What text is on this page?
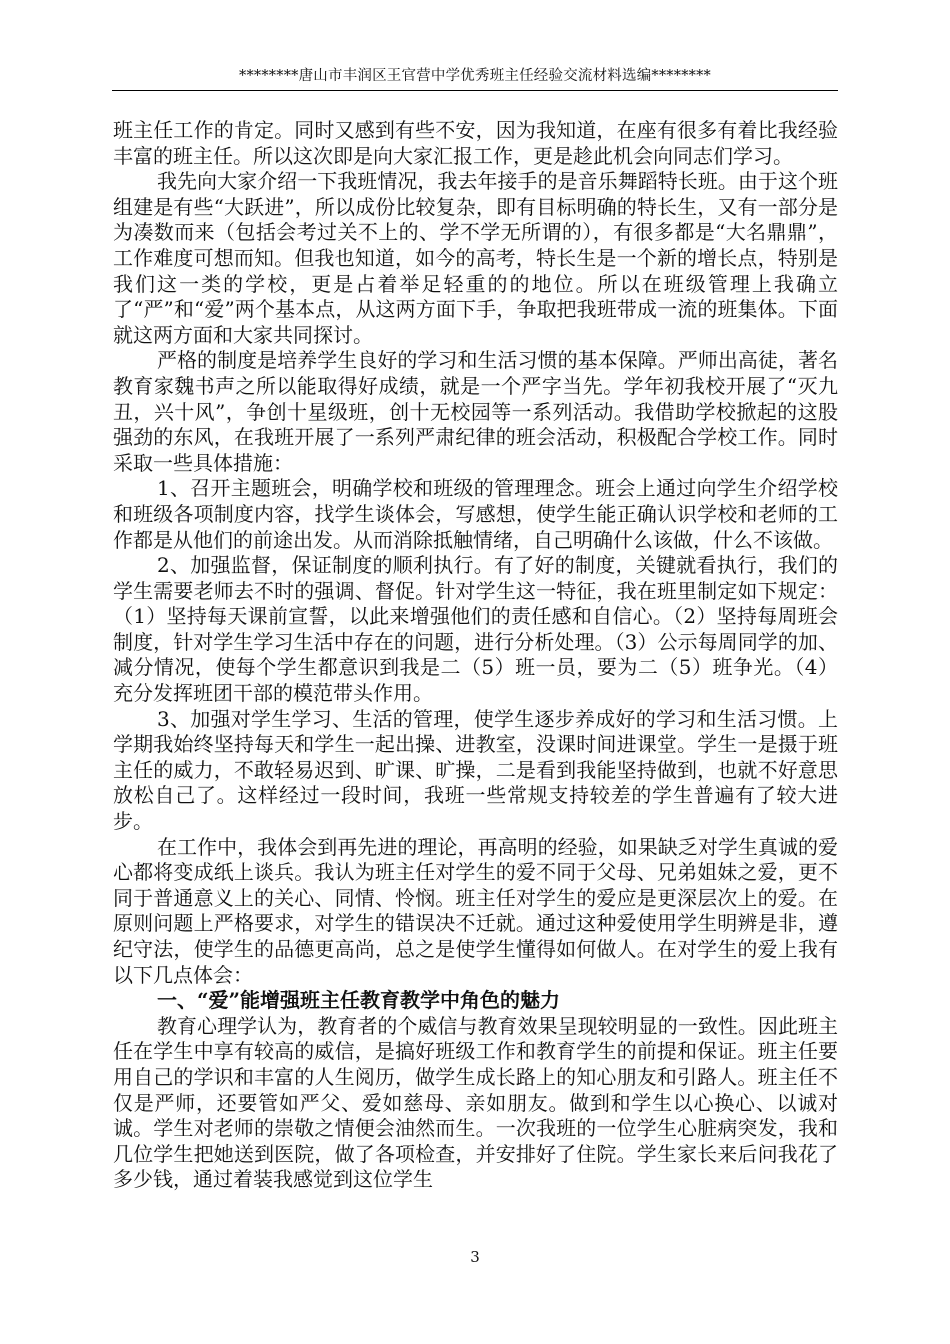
********唐山市丰润区王官营中学优秀班主任经验交流材料选编********

班主任工作的肯定。同时又感到有些不安，因为我知道，在座有很多有着比我经验丰富的班主任。所以这次即是向大家汇报工作，更是趁此机会向同志们学习。

我先向大家介绍一下我班情况，我去年接手的是音乐舞蹈特长班。由于这个班组建是有些“大跃进”，所以成份比较复杂，即有目标明确的特长生，又有一部分是为凑数而来（包括会考过关不上的、学不学无所谓的），有很多都是“大名鼎鼎”，工作难度可想而知。但我也知道，如今的高考，特长生是一个新的增长点，特别是我们这一类的学校，更是占着举足轻重的的地位。所以在班级管理上我确立了“严”和“爱”两个基本点，从这两方面下手，争取把我班带成一流的班集体。下面就这两方面和大家共同探讨。

严格的制度是培养学生良好的学习和生活习惯的基本保障。严师出高徒，著名教育家魏书声之所以能取得好成绩，就是一个严字当先。学年初我校开展了“灭九丑，兴十风”，争创十星级班，创十无校园等一系列活动。我借助学校掀起的这股强劲的东风，在我班开展了一系列严肃纪律的班会活动，积极配合学校工作。同时采取一些具体措施：

1、召开主题班会，明确学校和班级的管理理念。班会上通过向学生介绍学校和班级各项制度内容，找学生谈体会，写感想，使学生能正确认识学校和老师的工作都是从他们的前途出发。从而消除抵触情绪，自己明确什么该做，什么不该做。

2、加强监督，保证制度的顺利执行。有了好的制度，关键就看执行，我们的学生需要老师去不时的强调、督促。针对学生这一特征，我在班里制定如下规定：（1）坚持每天课前宣誓，以此来增强他们的责任感和自信心。（2）坚持每周班会制度，针对学生学习生活中存在的问题，进行分析处理。（3）公示每周同学的加、减分情况，使每个学生都意识到我是二（5）班一员，要为二（5）班争光。（4）充分发挥班团干部的模范带头作用。

3、加强对学生学习、生活的管理，使学生逐步养成好的学习和生活习惯。上学期我始终坚持每天和学生一起出操、进教室，没课时间进课堂。学生一是摄于班主任的威力，不敢轻易迟到、旷课、旷操，二是看到我能坚持做到，也就不好意思放松自己了。这样经过一段时间，我班一些常规支持较差的学生普遍有了较大进步。

在工作中，我体会到再先进的理论，再高明的经验，如果缺乏对学生真诚的爱心都将变成纸上谈兵。我认为班主任对学生的爱不同于父母、兄弟姐妹之爱，更不同于普通意义上的关心、同情、怜悯。班主任对学生的爱应是更深层次上的爱。在原则问题上严格要求，对学生的错误决不迁就。通过这种爱使用学生明辨是非，遵纪守法，使学生的品德更高尚，总之是使学生懂得如何做人。在对学生的爱上我有以下几点体会：

一、“爱”能增强班主任教育教学中角色的魅力

教育心理学认为，教育者的个威信与教育效果呈现较明显的一致性。因此班主任在学生中享有较高的威信，是搞好班级工作和教育学生的前提和保证。班主任要用自己的学识和丰富的人生阅历，做学生成长路上的知心朋友和引路人。班主任不仅是严师，还要管如严父、爱如慈母、亲如朋友。做到和学生以心换心、以诚对诚。学生对老师的崇敬之情便会油然而生。一次我班的一位学生心脏病突发，我和几位学生把她送到医院，做了各项检查，并安排好了住院。学生家长来后问我花了多少钱，通过着装我感觉到这位学生

3
